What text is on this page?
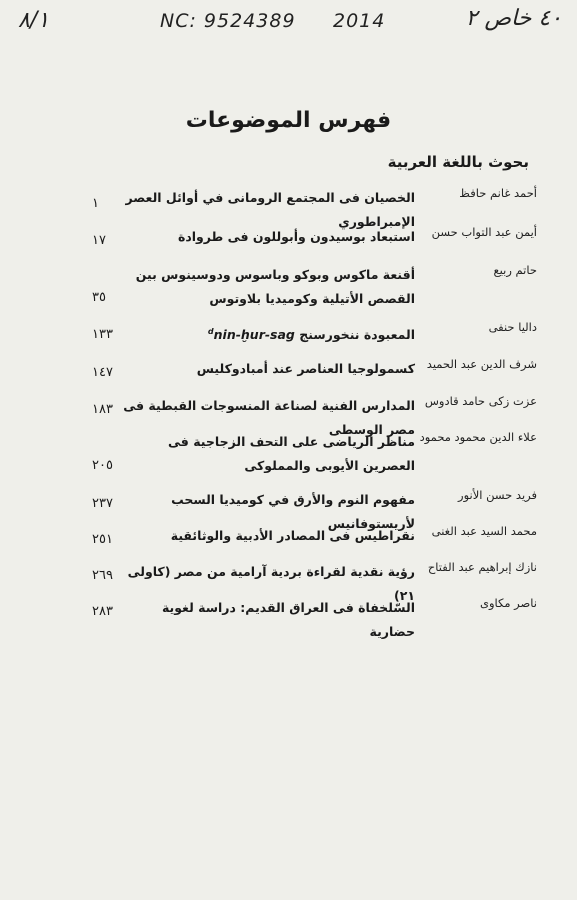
٨/١	NC: 9524389 2014	٤٠ خاص ٢
فهرس الموضوعات
بحوث باللغة العربية
أحمد غانم حافظ
الخصيان فى المجتمع الرومانى في أوائل العصر الإمبراطوري
١
أيمن عبد التواب حسن
استبعاد بوسيدون وأبوللون فى طروادة
١٧
حاتم ربيع
أقنعة ماكوس وبوكو وباسوس ودوسينوس بين القصص الأتيلية وكوميديا بلاوتوس
٣٥
داليا حنفى
المعبودة ننخورسنج $^d$nin-ḫur-sag
١٣٣
شرف الدين عبد الحميد
كسمولوجيا العناصر عند أمبادوكليس
١٤٧
عزت زكى حامد قادوس
المدارس الفنية لصناعة المنسوجات القبطية فى مصر الوسطى
١٨٣
علاء الدين محمود محمود
مناظر الرياضى على التحف الزجاجية فى العصرين الأيوبى والمملوكى
٢٠٥
فريد حسن الأنور
مفهوم النوم والأرق في كوميديا السحب لأريستوفانيس
٢٣٧
محمد السيد عبد الغنى
نقراطيس فى المصادر الأدبية والوثائقية
٢٥١
نازك إبراهيم عبد الفتاح
رؤية نقدية لقراءة بردية آرامية من مصر (كاولى ٢١)
٢٦٩
ناصر مكاوى
السّلخفاة فى العراق القديم: دراسة لغوية حضارية
٢٨٣
